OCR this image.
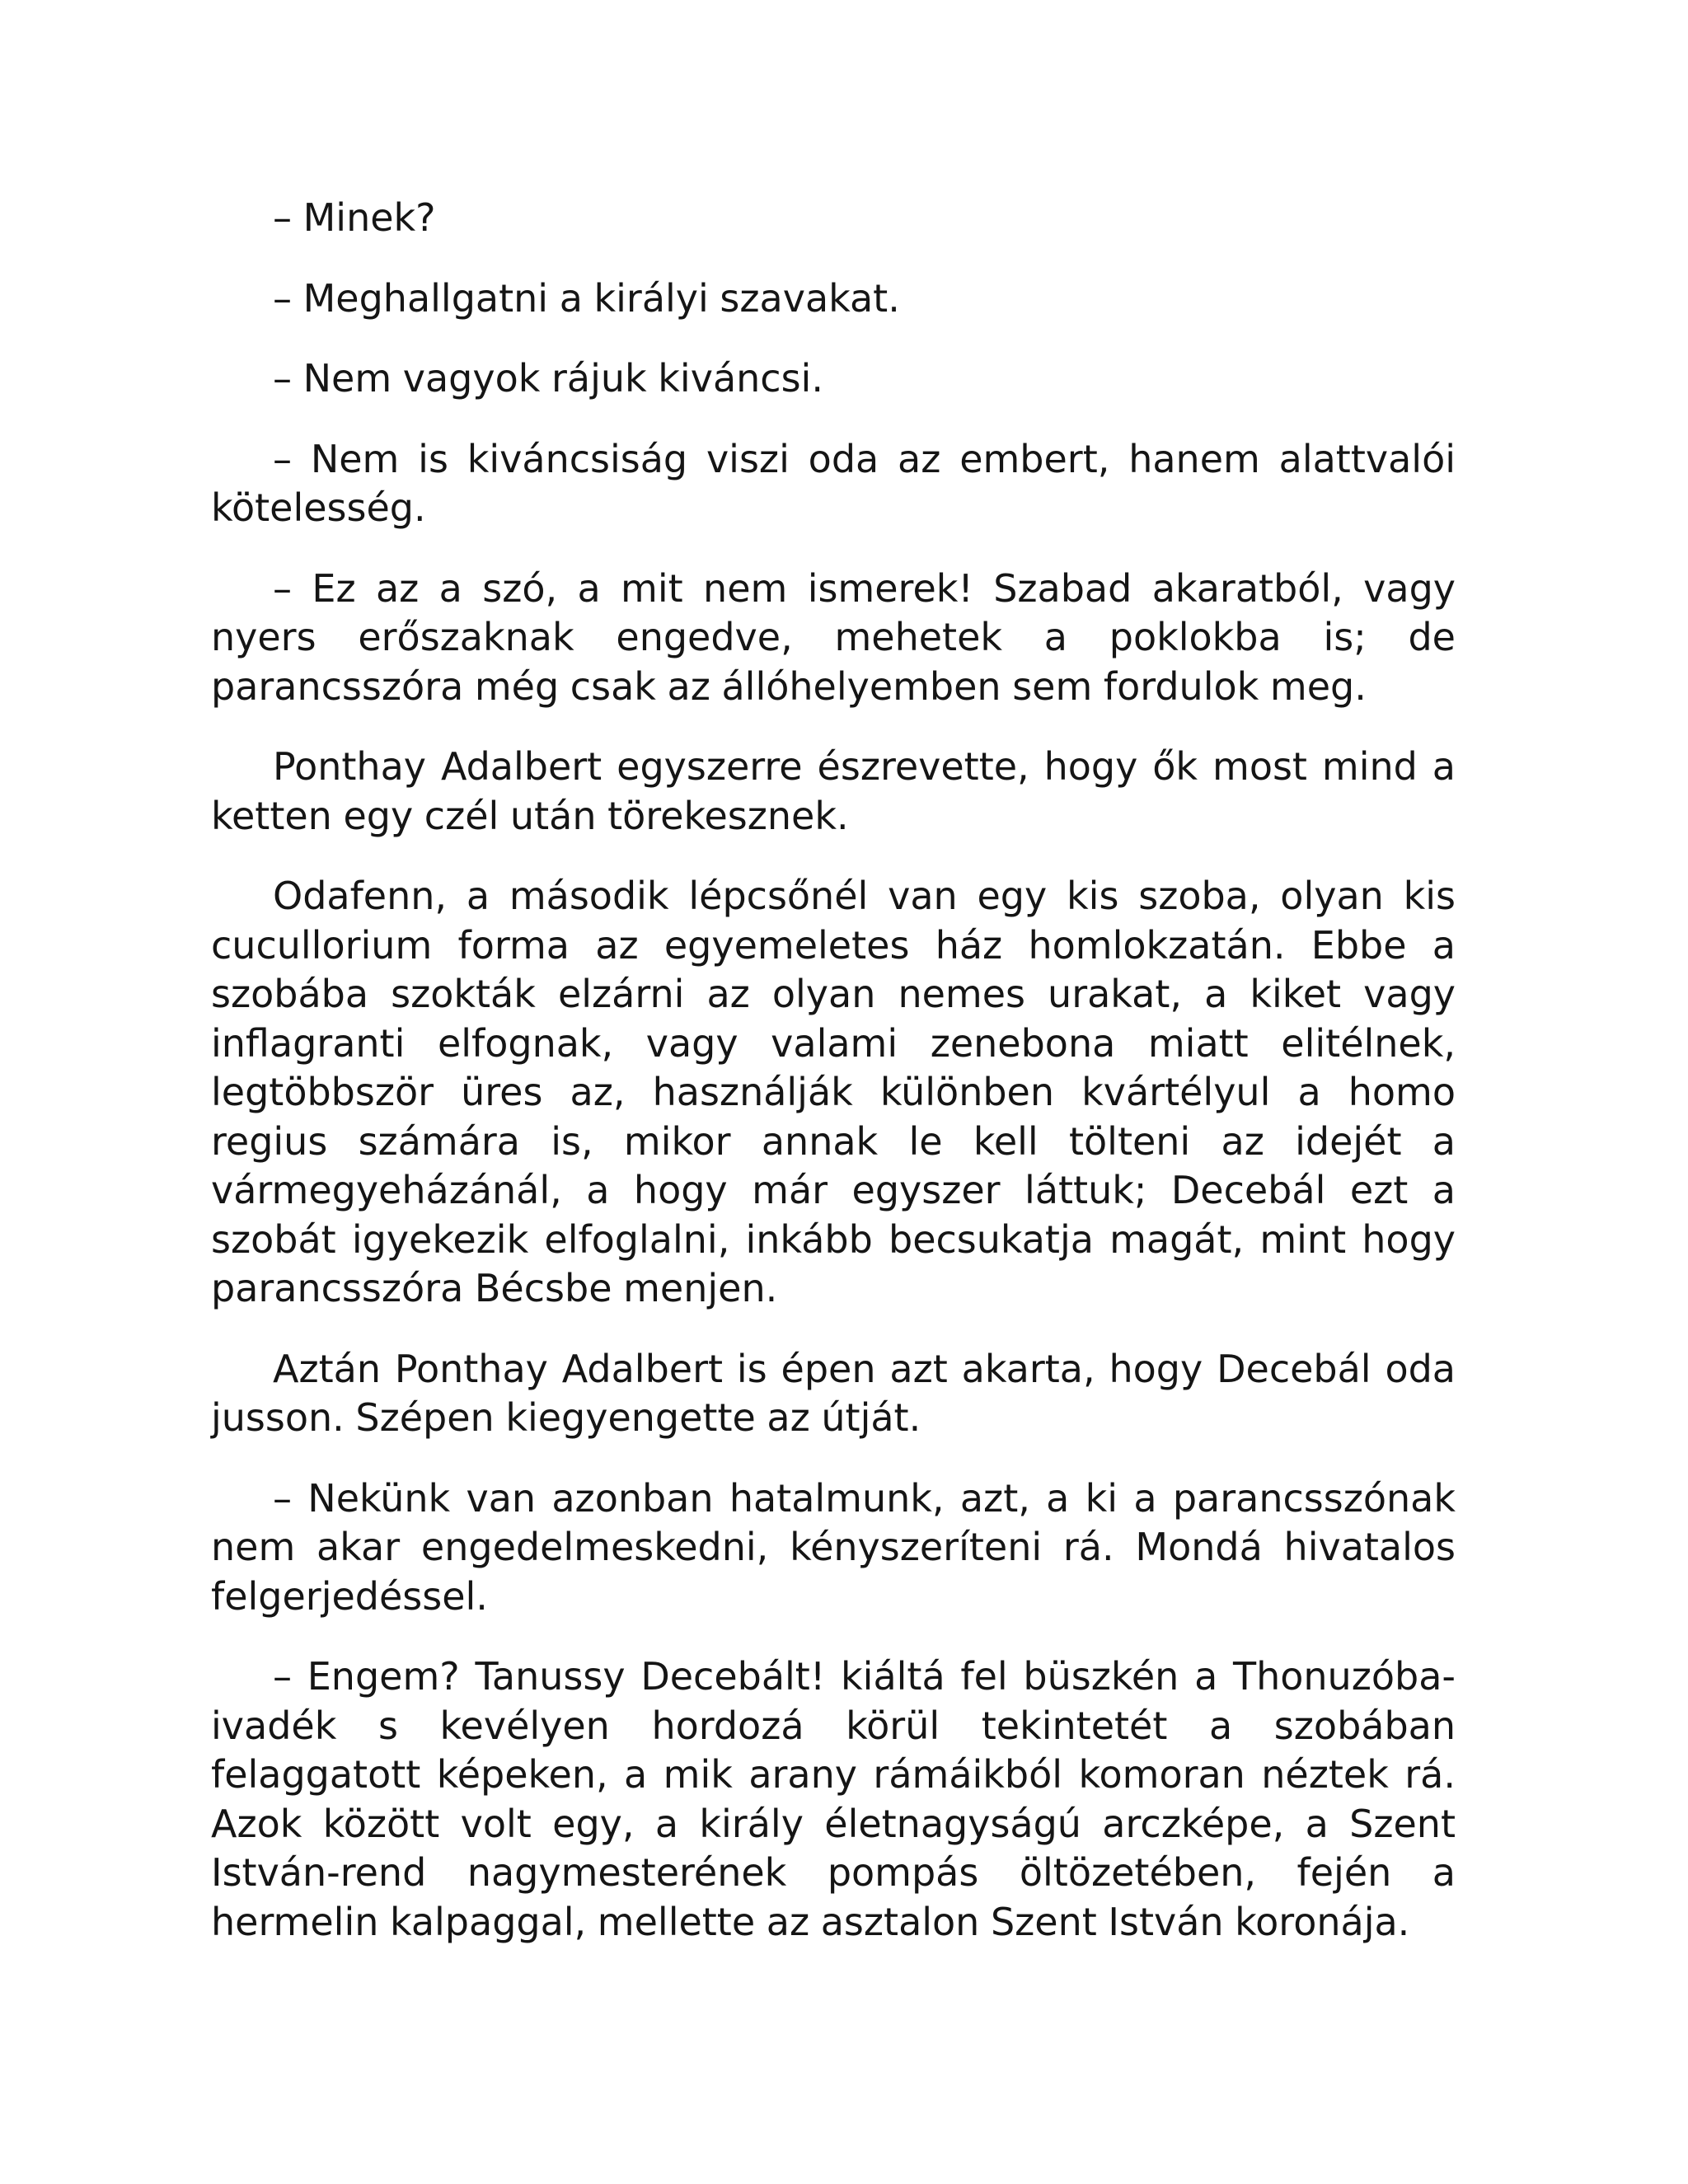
– Minek?

– Meghallgatni a királyi szavakat.

– Nem vagyok rájuk kiváncsi.

– Nem is kiváncsiság viszi oda az embert, hanem alattvalói kötelesség.

– Ez az a szó, a mit nem ismerek! Szabad akaratból, vagy nyers erőszaknak engedve, mehetek a poklokba is; de parancsszóra még csak az állóhelyemben sem fordulok meg.

Ponthay Adalbert egyszerre észrevette, hogy ők most mind a ketten egy czél után törekesznek.

Odafenn, a második lépcsőnél van egy kis szoba, olyan kis cucullorium forma az egyemeletes ház homlokzatán. Ebbe a szobába szokták elzárni az olyan nemes urakat, a kiket vagy inflagranti elfognak, vagy valami zenebona miatt elitélnek, legtöbbször üres az, használják különben kvártélyul a homo regius számára is, mikor annak le kell tölteni az idejét a vármegyeházánál, a hogy már egyszer láttuk; Decebál ezt a szobát igyekezik elfoglalni, inkább becsukatja magát, mint hogy parancsszóra Bécsbe menjen.

Aztán Ponthay Adalbert is épen azt akarta, hogy Decebál oda jusson. Szépen kiegyengette az útját.

– Nekünk van azonban hatalmunk, azt, a ki a parancsszónak nem akar engedelmeskedni, kényszeríteni rá. Mondá hivatalos felgerjedéssel.

– Engem? Tanussy Decebált! kiáltá fel büszkén a Thonuzóba-ivadék s kevélyen hordozá körül tekintetét a szobában felaggatott képeken, a mik arany rámáikból komoran néztek rá. Azok között volt egy, a király életnagyságú arczképe, a Szent István-rend nagymesterének pompás öltözetében, fején a hermelin kalpaggal, mellette az asztalon Szent István koronája.
